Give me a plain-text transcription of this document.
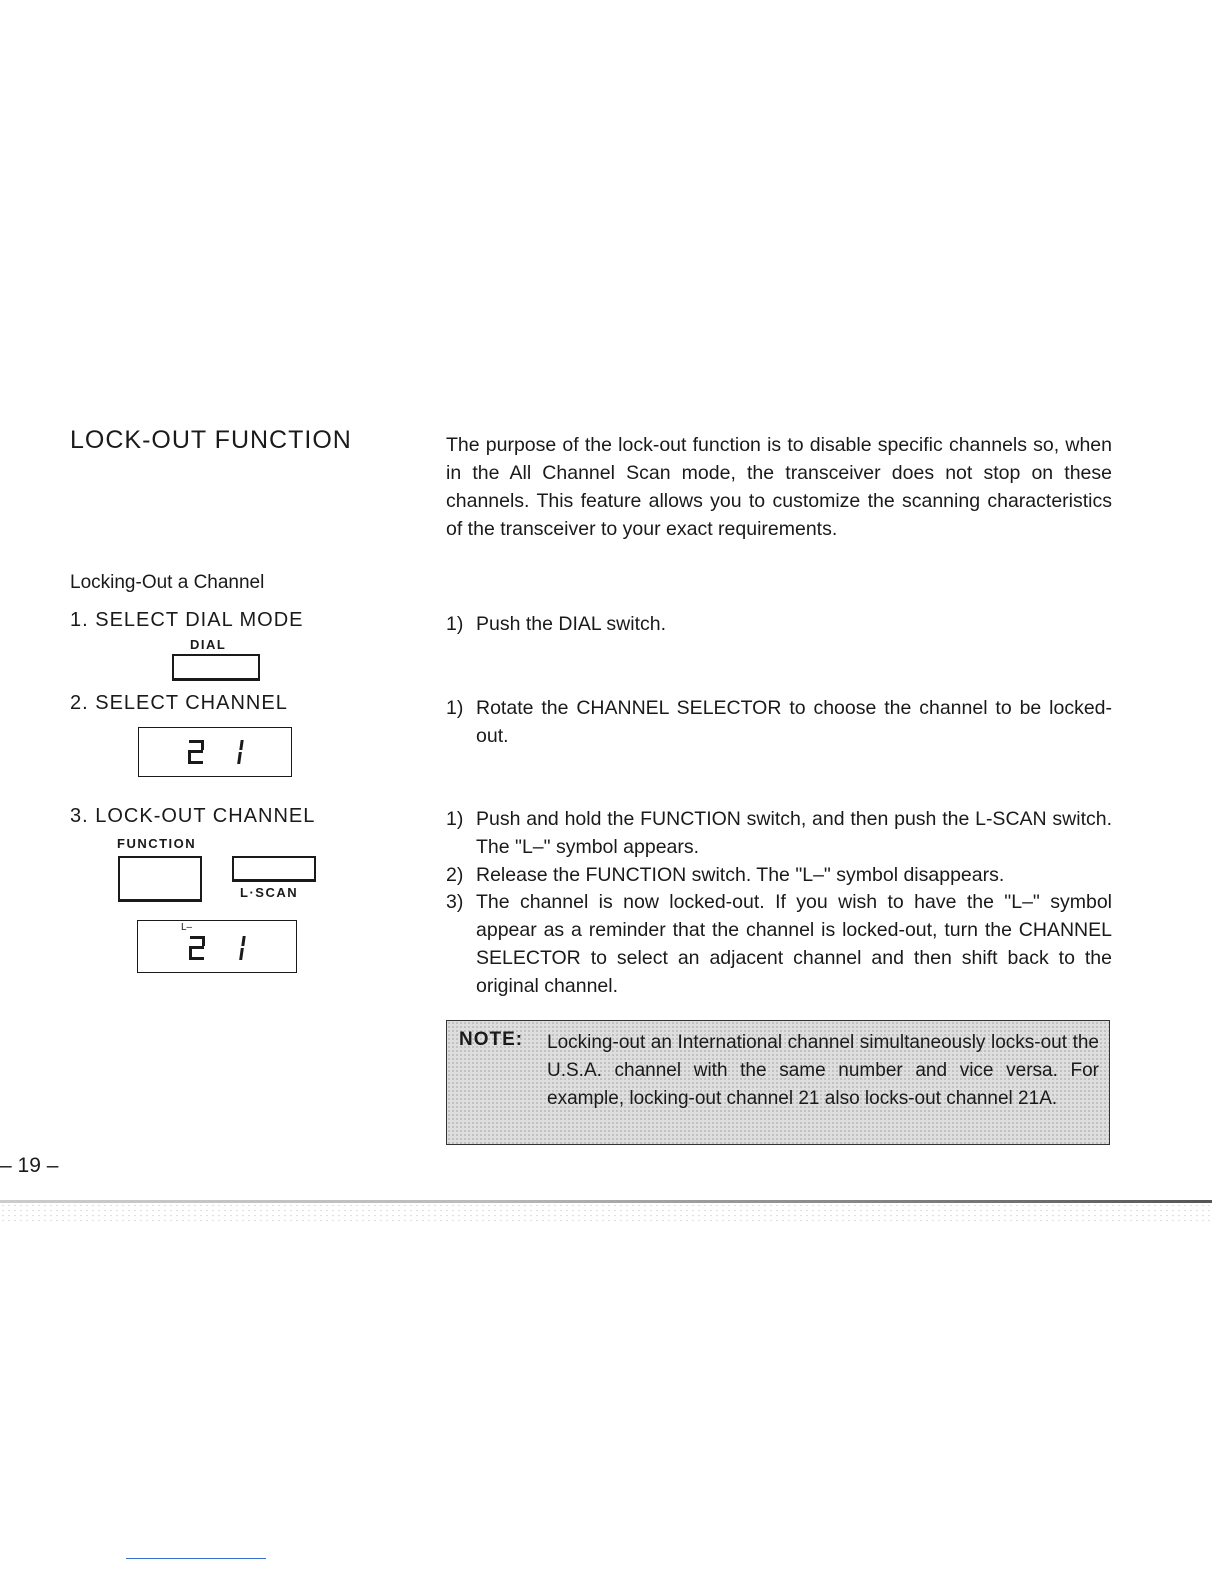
LOCK-OUT FUNCTION	The purpose of the lock-out function is to disable specific channels so, when in the All Channel Scan mode, the transceiver does not stop on these channels. This feature allows you to customize the scanning characteristics of the transceiver to your exact requirements.
Locking-Out a Channel
1. SELECT DIAL MODE
DIAL
1) Push the DIAL switch.
2. SELECT CHANNEL	1) Rotate the CHANNEL SELECTOR to choose the channel to be locked-out.
3. LOCK-OUT CHANNEL
FUNCTION
L·SCAN
L–
1) Push and hold the FUNCTION switch, and then push the L-SCAN switch. The "L–" symbol appears.
2) Release the FUNCTION switch. The "L–" symbol disappears.
3) The channel is now locked-out. If you wish to have the "L–" symbol appear as a reminder that the channel is locked-out, turn the CHANNEL SELECTOR to select an adjacent channel and then shift back to the original channel.
NOTE: Locking-out an International channel simultaneously locks-out the U.S.A. channel with the same number and vice versa. For example, locking-out channel 21 also locks-out channel 21A.
– 19 –
